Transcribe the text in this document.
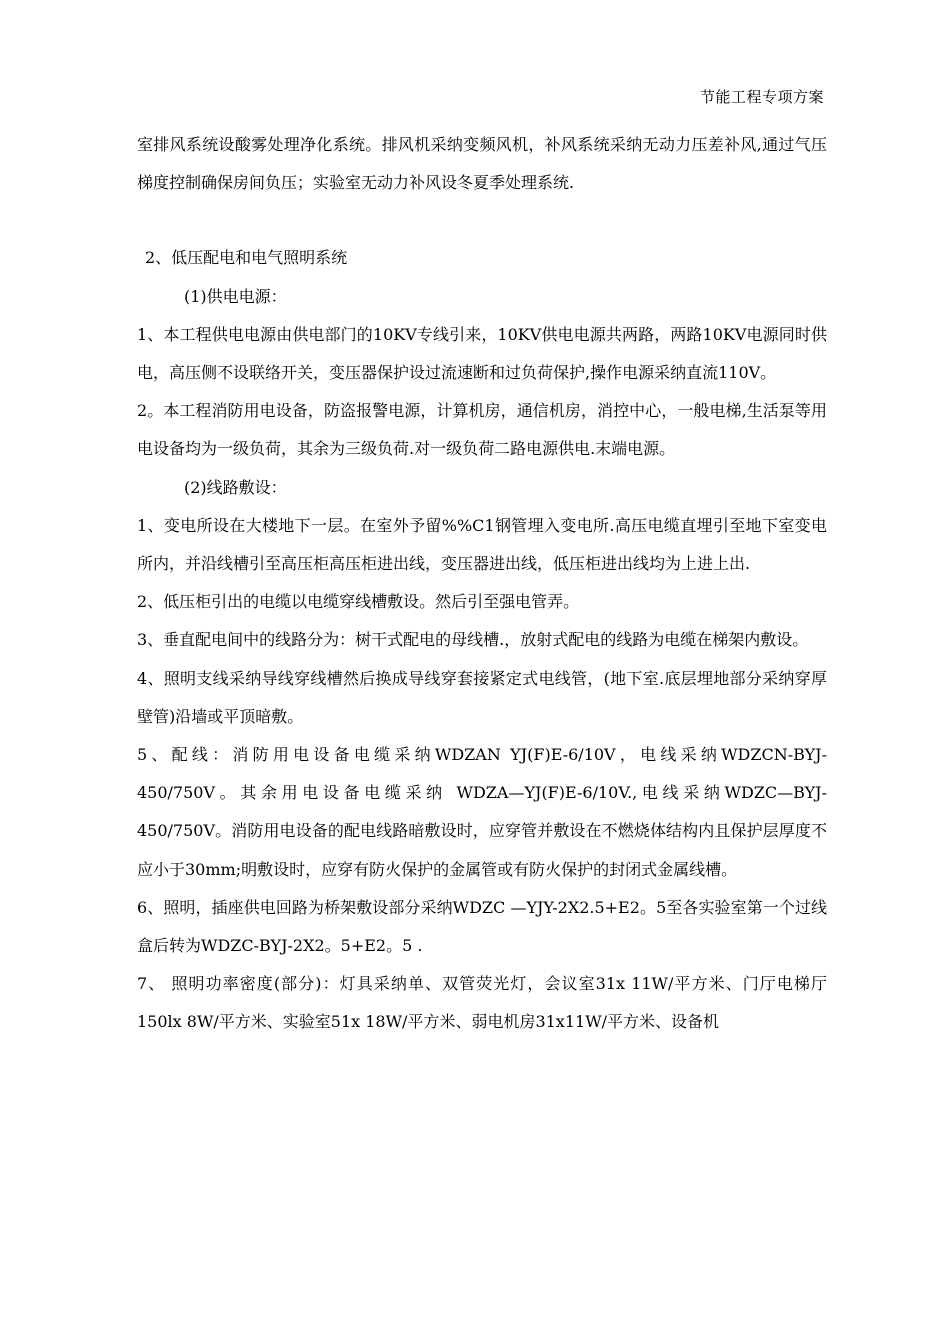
节能工程专项方案

室排风系统设酸雾处理净化系统。排风机采纳变频风机，补风系统采纳无动力压差补风,通过气压梯度控制确保房间负压；实验室无动力补风设冬夏季处理系统.

2、低压配电和电气照明系统

(1)供电电源：

1、本工程供电电源由供电部门的10KV专线引来，10KV供电电源共两路，两路10KV电源同时供电，高压侧不设联络开关，变压器保护设过流速断和过负荷保护,操作电源采纳直流110V。

2。本工程消防用电设备，防盗报警电源，计算机房，通信机房，消控中心，一般电梯,生活泵等用电设备均为一级负荷，其余为三级负荷.对一级负荷二路电源供电.末端电源。

(2)线路敷设：

1、变电所设在大楼地下一层。在室外予留%%C1钢管埋入变电所.高压电缆直埋引至地下室变电所内，并沿线槽引至高压柜高压柜进出线，变压器进出线，低压柜进出线均为上进上出.

2、低压柜引出的电缆以电缆穿线槽敷设。然后引至强电管弄。

3、垂直配电间中的线路分为：树干式配电的母线槽.，放射式配电的线路为电缆在梯架内敷设。

4、照明支线采纳导线穿线槽然后换成导线穿套接紧定式电线管，(地下室.底层埋地部分采纳穿厚壁管)沿墙或平顶暗敷。

5、配线：消防用电设备电缆采纳WDZAN YJ(F)E-6/10V，电线采纳WDZCN-BYJ-450/750V。其余用电设备电缆采纳 WDZA—YJ(F)E-6/10V.,电线采纳WDZC—BYJ-450/750V。消防用电设备的配电线路暗敷设时，应穿管并敷设在不燃烧体结构内且保护层厚度不应小于30mm;明敷设时，应穿有防火保护的金属管或有防火保护的封闭式金属线槽。

6、照明，插座供电回路为桥架敷设部分采纳WDZC —YJY-2X2.5+E2。5至各实验室第一个过线盒后转为WDZC-BYJ-2X2。5+E2。5 .

7、 照明功率密度(部分)：灯具采纳单、双管荧光灯，会议室31x 11W/平方米、门厅电梯厅150lx 8W/平方米、实验室51x 18W/平方米、弱电机房31x11W/平方米、设备机
